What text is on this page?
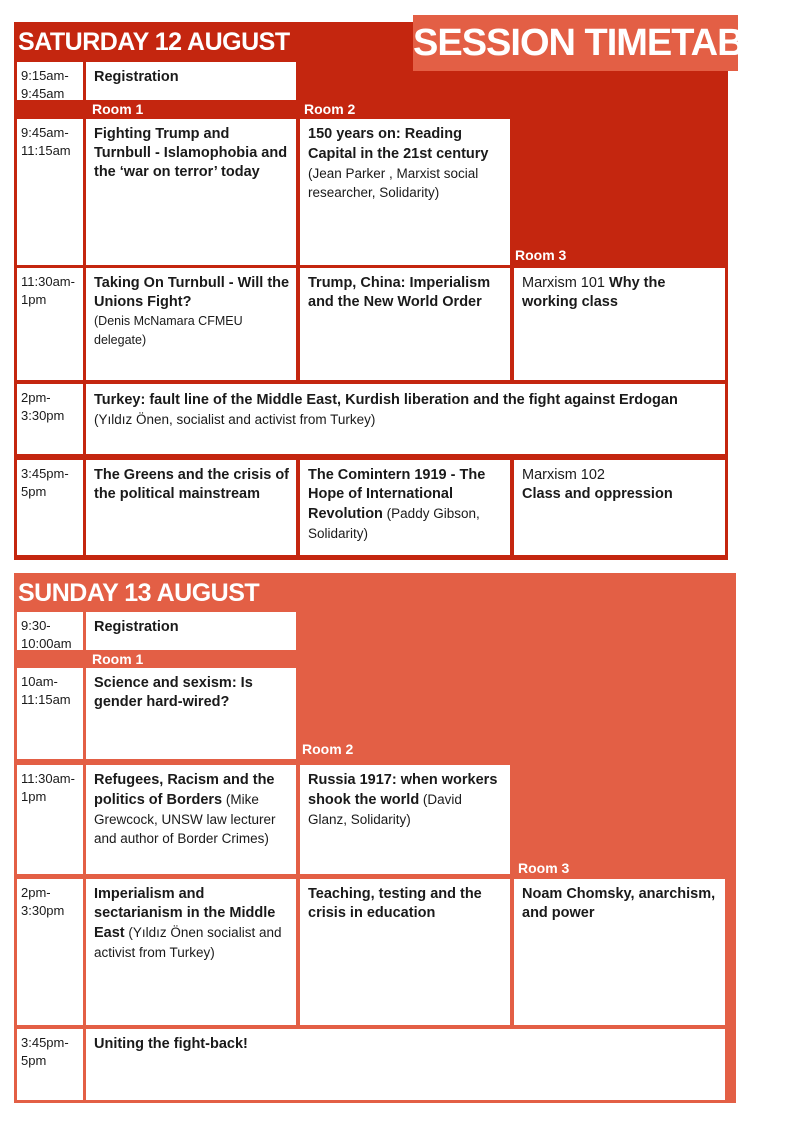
SATURDAY 12 AUGUST
9:15am-9:45am
Registration
Room 1	Room 2
9:45am-11:15am
Fighting Trump and Turnbull - Islamophobia and the ‘war on terror’ today
150 years on: Reading Capital in the 21st century (Jean Parker , Marxist social researcher, Solidarity)
Room 3
11:30am-1pm
Taking On Turnbull - Will the Unions Fight?
(Denis McNamara CFMEU delegate)
Trump, China: Imperialism and the New World Order
Marxism 101 Why the working class
2pm-3:30pm
Turkey: fault line of the Middle East, Kurdish liberation and the fight against Erdogan (Yıldız Önen, socialist and activist from Turkey)
3:45pm-5pm
The Greens and the crisis of the political mainstream
The Comintern 1919 - The Hope of International Revolution (Paddy Gibson, Solidarity)
Marxism 102
Class and oppression
SESSION TIMETABLE
SUNDAY 13 AUGUST
9:30-10:00am
Registration
Room 1
10am-11:15am
Science and sexism: Is gender hard-wired?
Room 2
11:30am-1pm
Refugees, Racism and the politics of Borders (Mike Grewcock, UNSW law lecturer and author of Border Crimes)
Russia 1917: when workers shook the world (David Glanz, Solidarity)
Room 3
2pm-3:30pm
Imperialism and sectarianism in the Middle East (Yıldız Önen socialist and activist from Turkey)
Teaching, testing and the crisis in education
Noam Chomsky, anarchism, and power
3:45pm-5pm
Uniting the fight-back!
